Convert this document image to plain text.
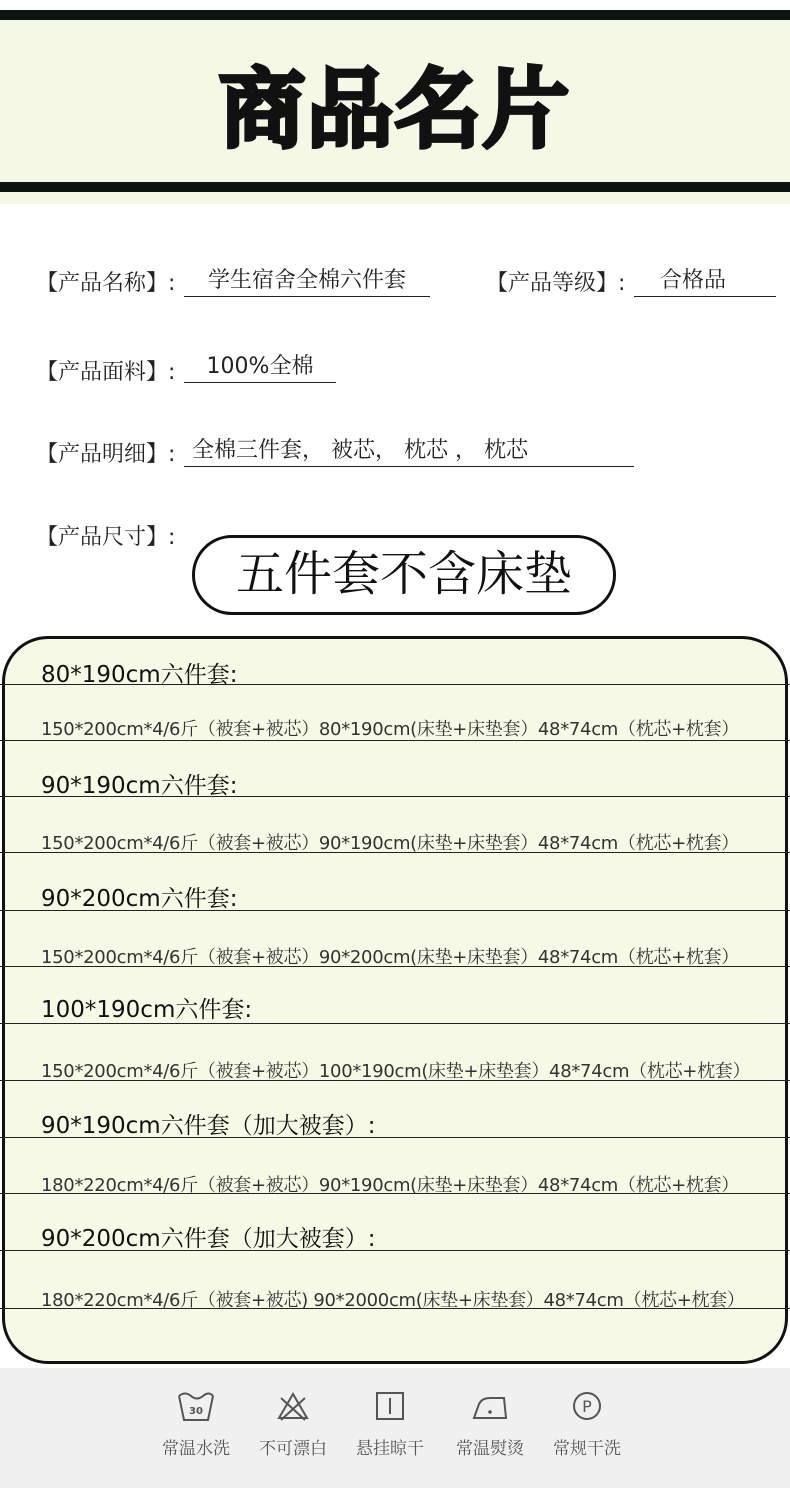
商品名片
【产品名称】:	学生宿舍全棉六件套	【产品等级】:	合格品
【产品面料】:	100%全棉
【产品明细】: 全棉三件套， 被芯， 枕芯 ， 枕芯
【产品尺寸】:
五件套不含床垫
80*190cm六件套:
150*200cm*4/6斤（被套+被芯）80*190cm(床垫+床垫套）48*74cm（枕芯+枕套）
90*190cm六件套:
150*200cm*4/6斤（被套+被芯）90*190cm(床垫+床垫套）48*74cm（枕芯+枕套）
90*200cm六件套:
150*200cm*4/6斤（被套+被芯）90*200cm(床垫+床垫套）48*74cm（枕芯+枕套）
100*190cm六件套:
150*200cm*4/6斤（被套+被芯）100*190cm(床垫+床垫套）48*74cm（枕芯+枕套）
90*190cm六件套（加大被套）:
180*220cm*4/6斤（被套+被芯）90*190cm(床垫+床垫套）48*74cm（枕芯+枕套）
90*200cm六件套（加大被套）:
180*220cm*4/6斤（被套+被芯) 90*2000cm(床垫+床垫套）48*74cm（枕芯+枕套）
30
常温水洗	不可漂白	悬挂晾干	常温熨烫
P
常规干洗
